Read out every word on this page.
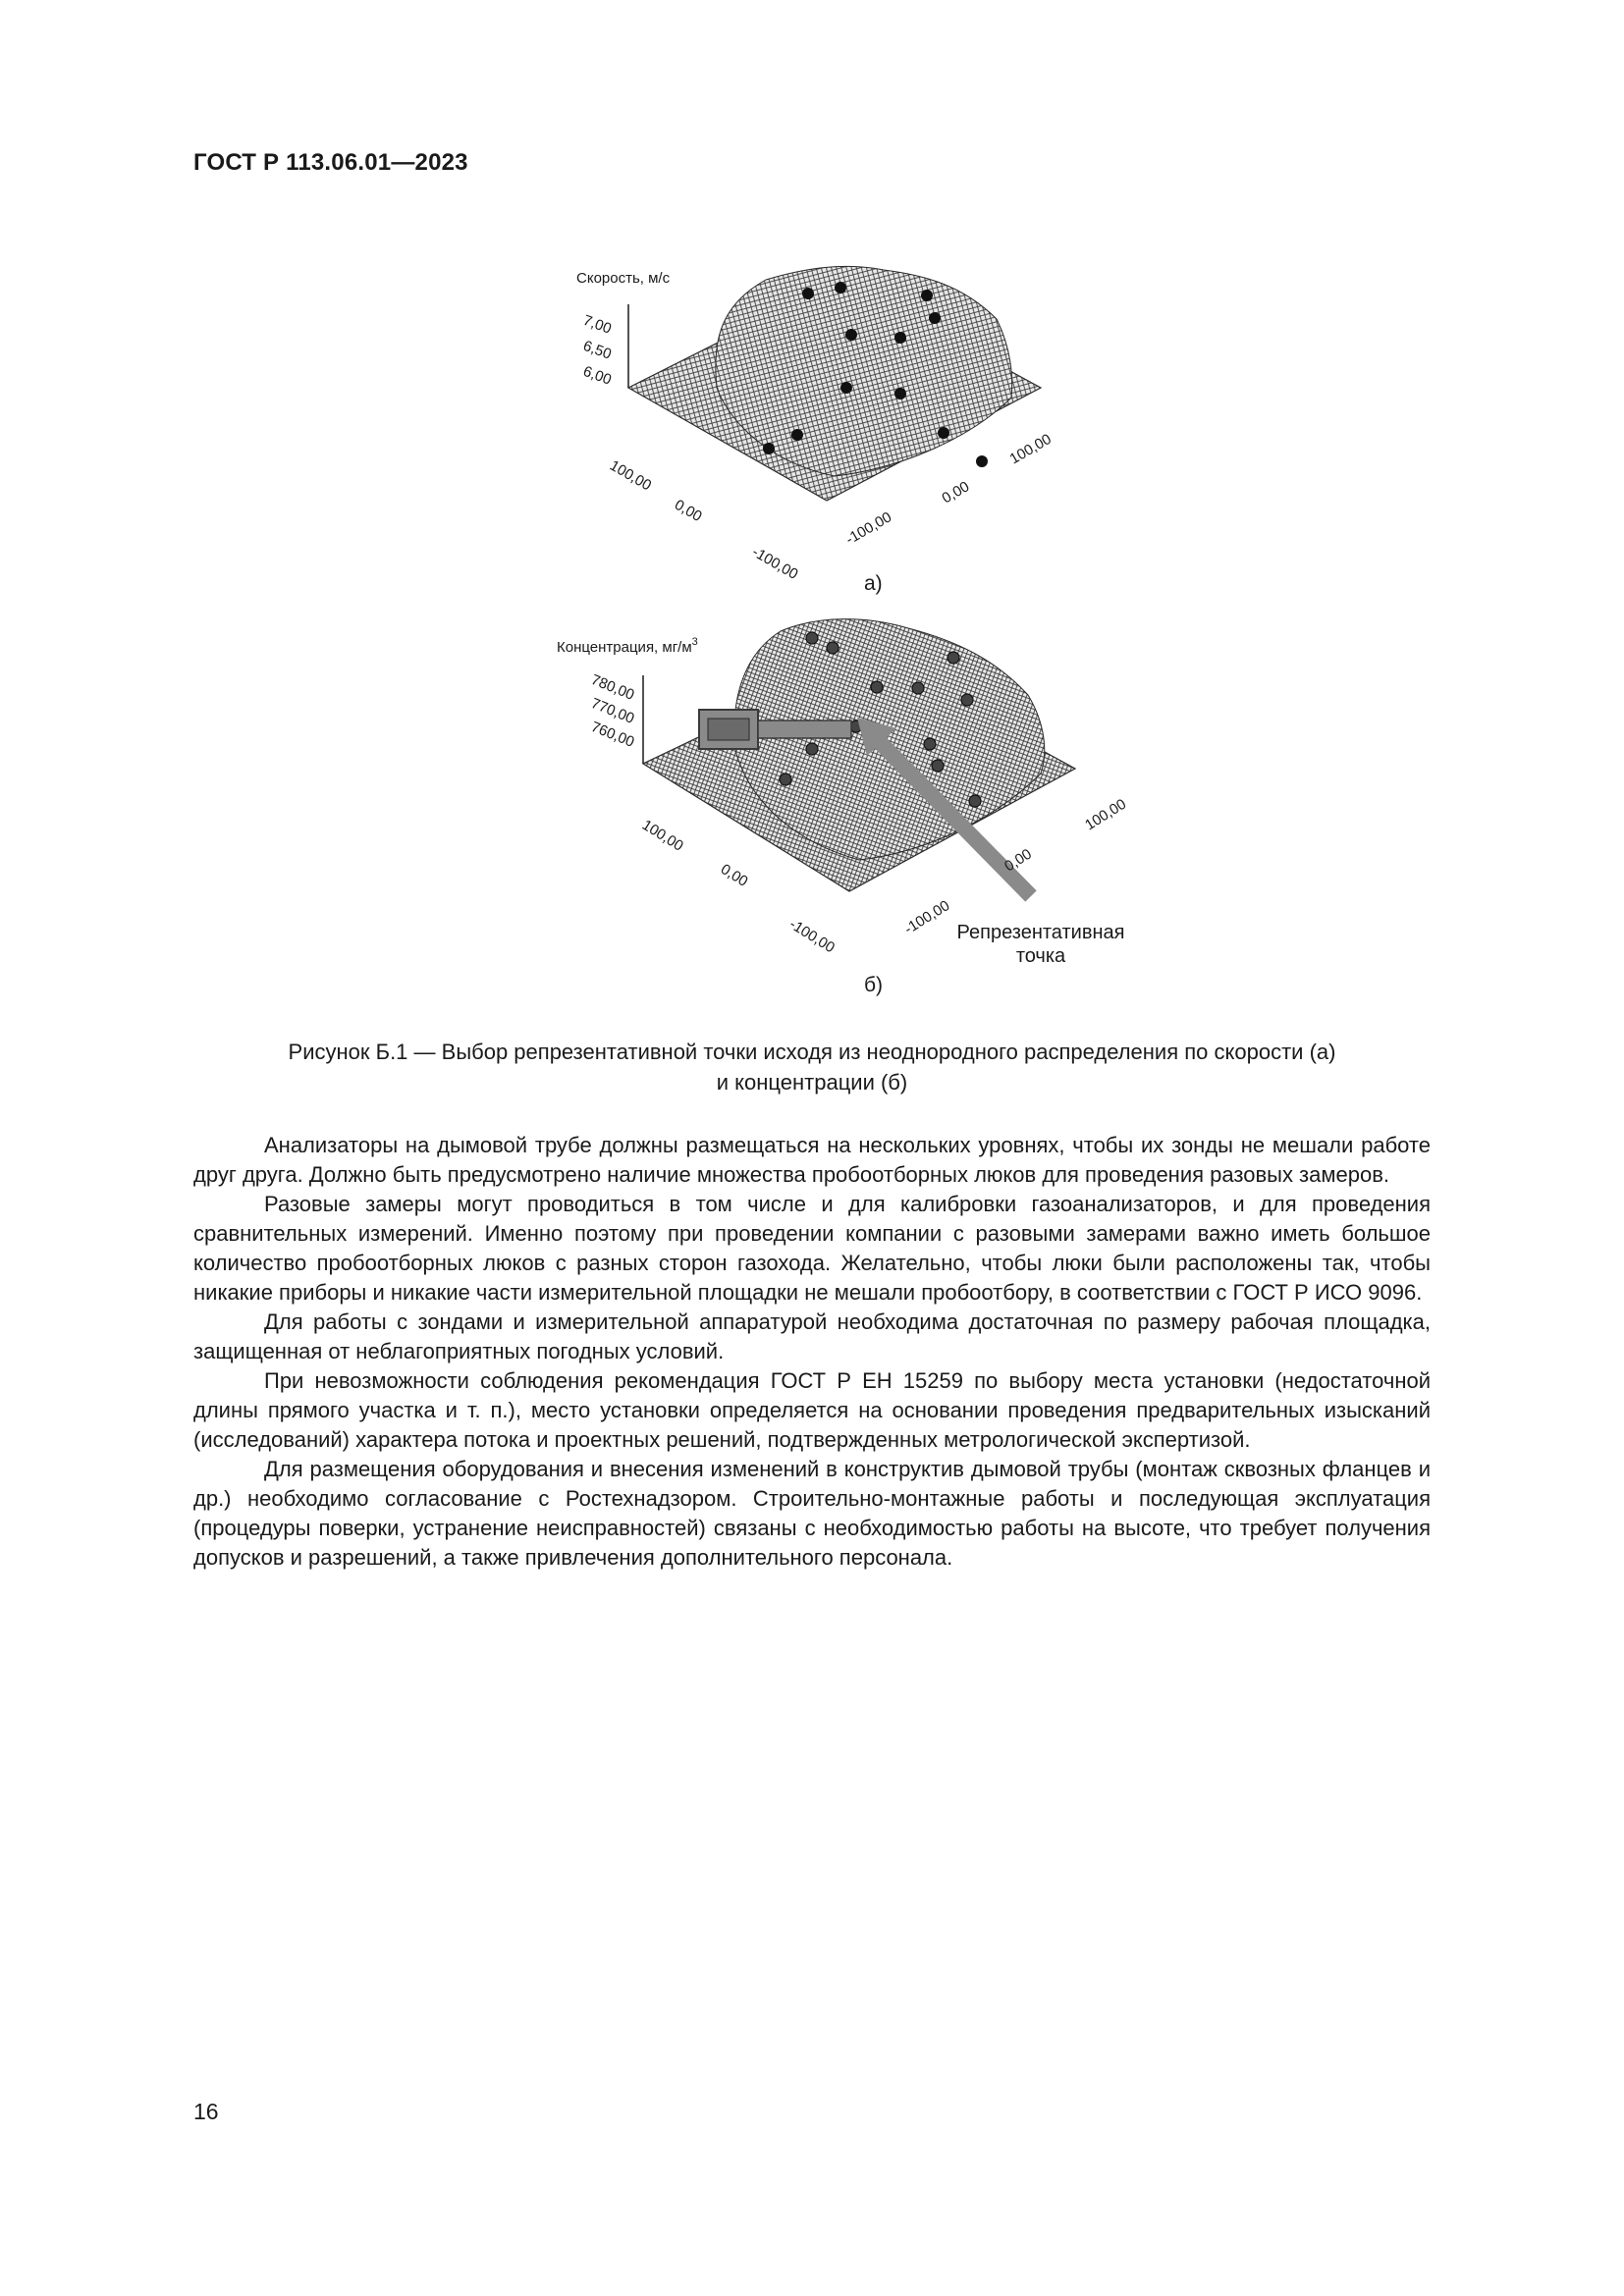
ГОСТ Р 113.06.01—2023
Скорость, м/с
7,00
6,50
6,00
100,00
0,00
-100,00
-100,00
0,00
100,00
а)
Концентрация, $мг/м^3$
780,00
770,00
760,00
100,00
0,00
-100,00	-100,00
0,00
100,00
Репрезентативная
точка
б)
Рисунок Б.1 — Выбор репрезентативной точки исходя из неоднородного распределения по скорости (а)
и концентрации (б)

Анализаторы на дымовой трубе должны размещаться на нескольких уровнях, чтобы их зонды не мешали работе друг друга. Должно быть предусмотрено наличие множества пробоотборных люков для проведения разовых замеров.

Разовые замеры могут проводиться в том числе и для калибровки газоанализаторов, и для проведения сравнительных измерений. Именно поэтому при проведении компании с разовыми замерами важно иметь большое количество пробоотборных люков с разных сторон газохода. Желательно, чтобы люки были расположены так, чтобы никакие приборы и никакие части измерительной площадки не мешали пробоотбору, в соответствии с ГОСТ Р ИСО 9096.

Для работы с зондами и измерительной аппаратурой необходима достаточная по размеру рабочая площадка, защищенная от неблагоприятных погодных условий.

При невозможности соблюдения рекомендация ГОСТ Р ЕН 15259 по выбору места установки (недостаточной длины прямого участка и т. п.), место установки определяется на основании проведения предварительных изысканий (исследований) характера потока и проектных решений, подтвержденных метрологической экспертизой.

Для размещения оборудования и внесения изменений в конструктив дымовой трубы (монтаж сквозных фланцев и др.) необходимо согласование с Ростехнадзором. Строительно-монтажные работы и последующая эксплуатация (процедуры поверки, устранение неисправностей) связаны с необходимостью работы на высоте, что требует получения допусков и разрешений, а также привлечения дополнительного персонала.

16
